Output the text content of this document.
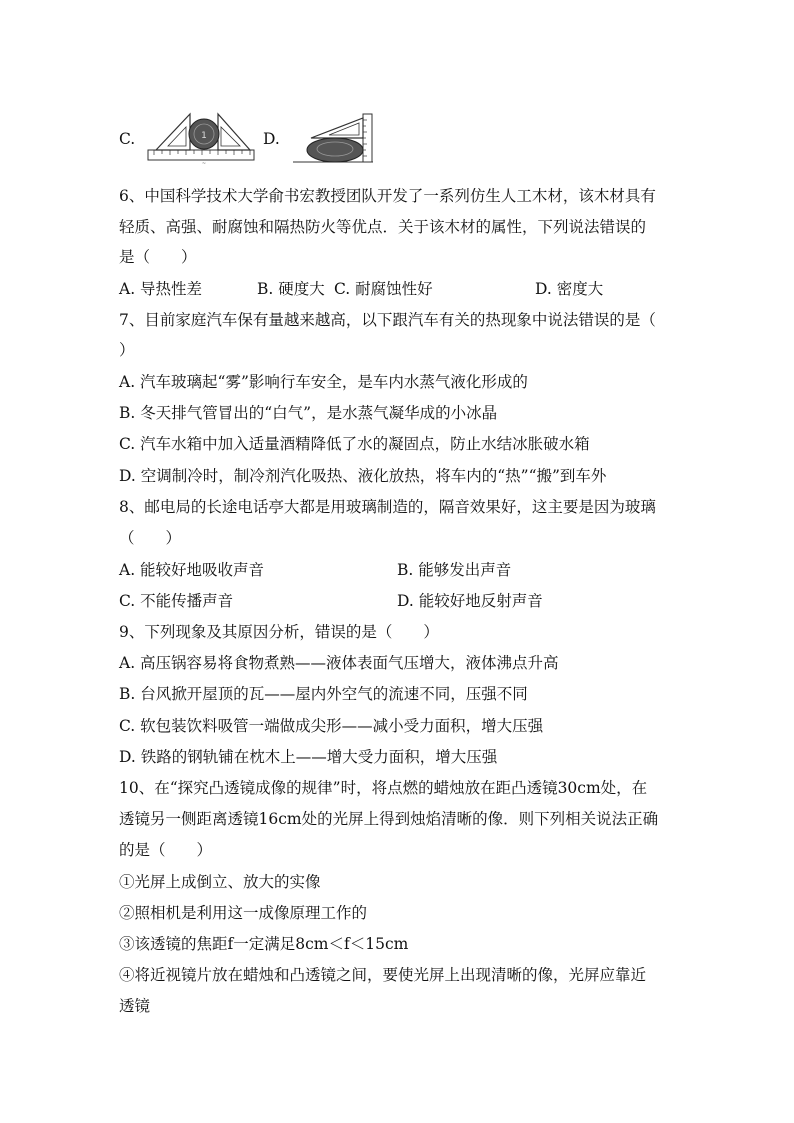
C.	1
~
D.
6、中国科学技术大学俞书宏教授团队开发了一系列仿生人工木材，该木材具有
轻质、高强、耐腐蚀和隔热防火等优点．关于该木材的属性，下列说法错误的
是（　　）
A. 导热性差	B. 硬度大 C. 耐腐蚀性好	D. 密度大
7、目前家庭汽车保有量越来越高，以下跟汽车有关的热现象中说法错误的是（
）
A. 汽车玻璃起“雾”影响行车安全，是车内水蒸气液化形成的
B. 冬天排气管冒出的“白气”，是水蒸气凝华成的小冰晶
C. 汽车水箱中加入适量酒精降低了水的凝固点，防止水结冰胀破水箱
D. 空调制冷时，制冷剂汽化吸热、液化放热，将车内的“热”“搬”到车外
8、邮电局的长途电话亭大都是用玻璃制造的，隔音效果好，这主要是因为玻璃
（　　）
A. 能较好地吸收声音	B. 能够发出声音
C. 不能传播声音	D. 能较好地反射声音
9、下列现象及其原因分析，错误的是（　　）
A. 高压锅容易将食物煮熟——液体表面气压增大，液体沸点升高
B. 台风掀开屋顶的瓦——屋内外空气的流速不同，压强不同
C. 软包装饮料吸管一端做成尖形——减小受力面积，增大压强
D. 铁路的钢轨铺在枕木上——增大受力面积，增大压强
10、在“探究凸透镜成像的规律”时，将点燃的蜡烛放在距凸透镜30cm处，在
透镜另一侧距离透镜16cm处的光屏上得到烛焰清晰的像．则下列相关说法正确
的是（　　）
①光屏上成倒立、放大的实像
②照相机是利用这一成像原理工作的
③该透镜的焦距f一定满足8cm＜f＜15cm
④将近视镜片放在蜡烛和凸透镜之间，要使光屏上出现清晰的像，光屏应靠近
透镜
